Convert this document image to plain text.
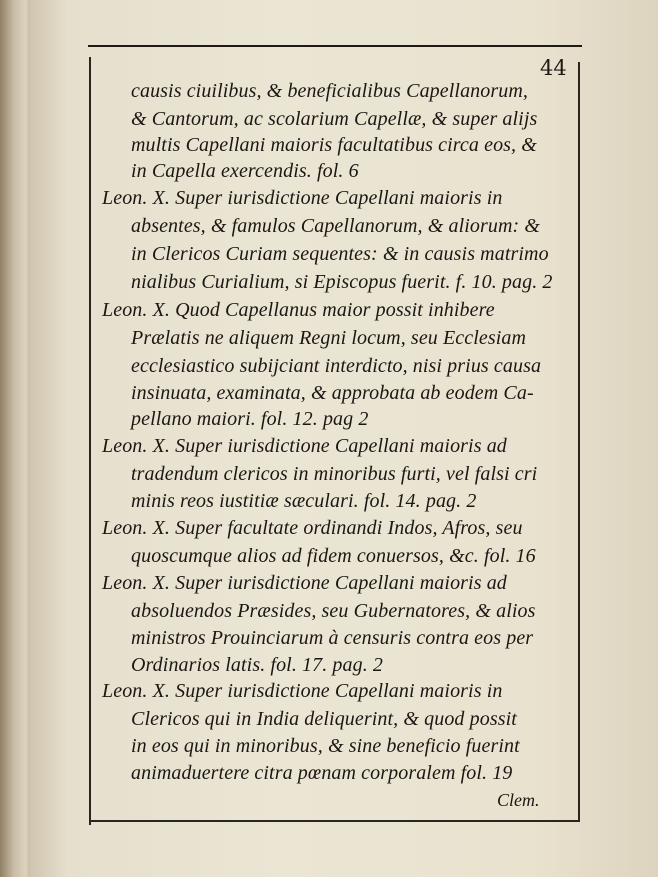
44
causis ciuilibus, & beneficialibus Capellanorum,
& Cantorum, ac scolarium Capellæ, & super alijs
multis Capellani maioris facultatibus circa eos, &
in Capella exercendis. fol. 6
Leon. X. Super iurisdictione Capellani maioris in
absentes, & famulos Capellanorum, & aliorum: &
in Clericos Curiam sequentes: & in causis matrimo
nialibus Curialium, si Episcopus fuerit. f. 10. pag. 2
Leon. X. Quod Capellanus maior possit inhibere
Prælatis ne aliquem Regni locum, seu Ecclesiam
ecclesiastico subijciant interdicto, nisi prius causa
insinuata, examinata, & approbata ab eodem Ca-
pellano maiori. fol. 12. pag 2
Leon. X. Super iurisdictione Capellani maioris ad
tradendum clericos in minoribus furti, vel falsi cri
minis reos iustitiæ sæculari. fol. 14. pag. 2
Leon. X. Super facultate ordinandi Indos, Afros, seu
quoscumque alios ad fidem conuersos, &c. fol. 16
Leon. X. Super iurisdictione Capellani maioris ad
absoluendos Præsides, seu Gubernatores, & alios
ministros Prouinciarum à censuris contra eos per
Ordinarios latis. fol. 17. pag. 2
Leon. X. Super iurisdictione Capellani maioris in
Clericos qui in India deliquerint, & quod possit
in eos qui in minoribus, & sine beneficio fuerint
animaduertere citra pœnam corporalem fol. 19
Clem.
